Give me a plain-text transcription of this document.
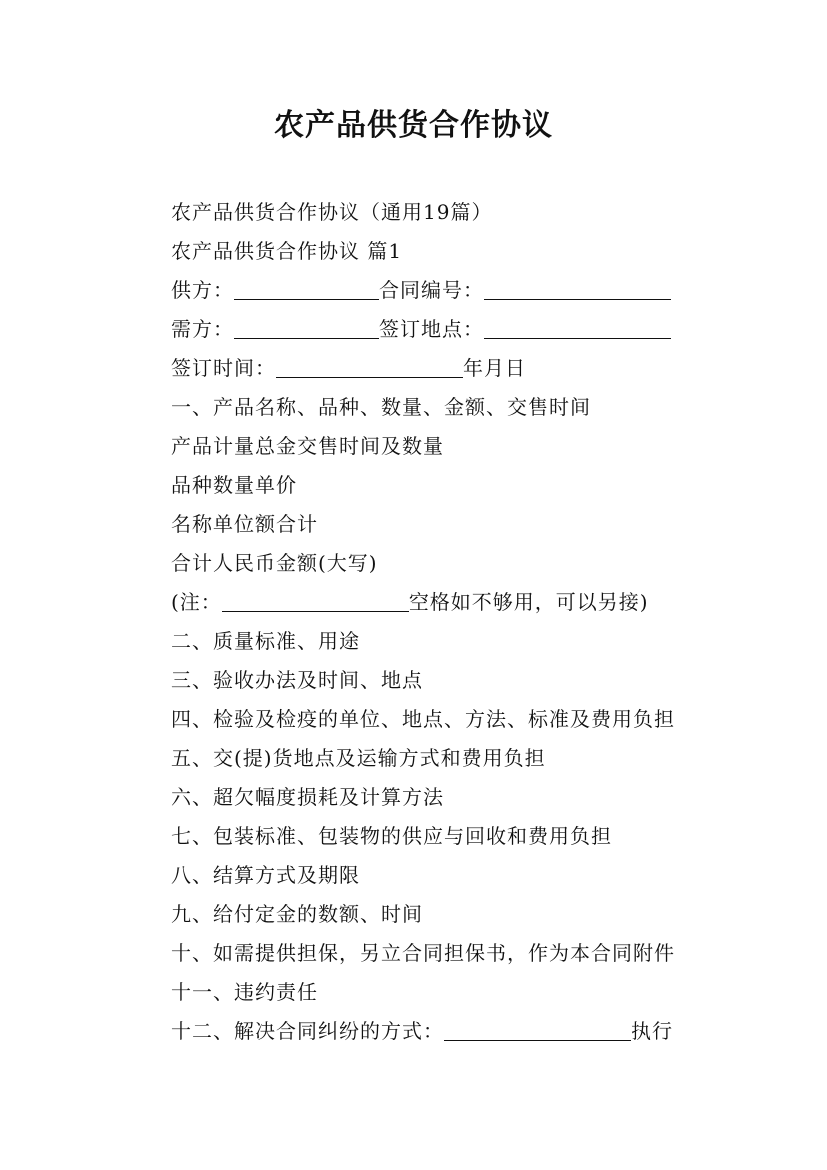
农产品供货合作协议
农产品供货合作协议（通用19篇）
农产品供货合作协议 篇1
供方：	合同编号：
需方：	签订地点：
签订时间：	年月日
一、产品名称、品种、数量、金额、交售时间
产品计量总金交售时间及数量
品种数量单价
名称单位额合计
合计人民币金额(大写)
(注：	空格如不够用，可以另接)
二、质量标准、用途
三、验收办法及时间、地点
四、检验及检疫的单位、地点、方法、标准及费用负担
五、交(提)货地点及运输方式和费用负担
六、超欠幅度损耗及计算方法
七、包装标准、包装物的供应与回收和费用负担
八、结算方式及期限
九、给付定金的数额、时间
十、如需提供担保，另立合同担保书，作为本合同附件
十一、违约责任
十二、解决合同纠纷的方式：	执行
